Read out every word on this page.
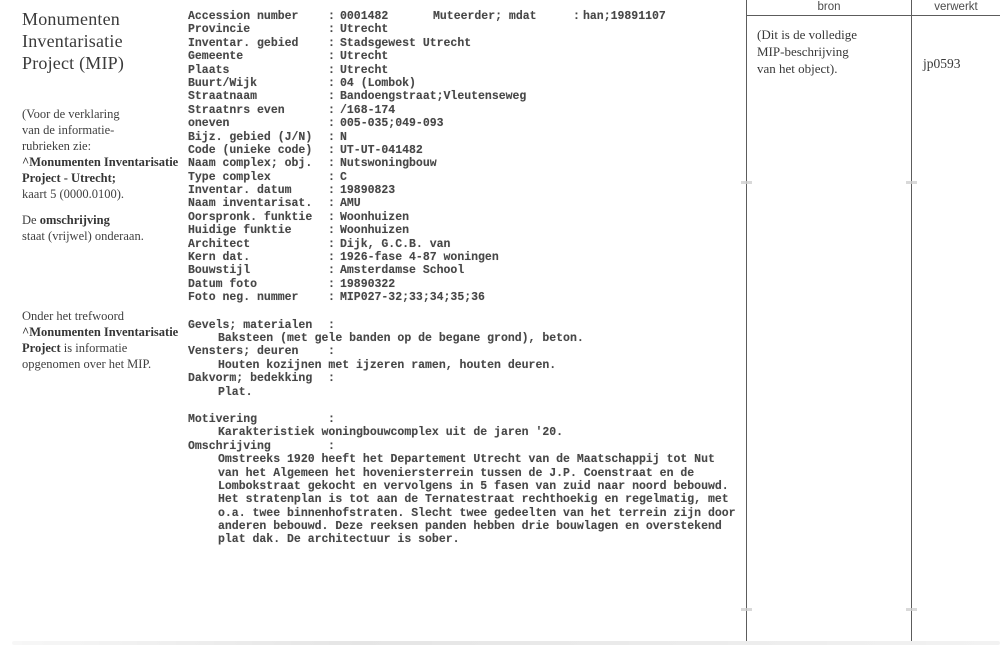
Monumenten
Inventarisatie
Project (MIP)
(Voor de verklaring
van de informatie-
rubrieken zie:
^Monumenten Inventarisatie
Project - Utrecht;
kaart 5 (0000.0100).
De omschrijving
staat (vrijwel) onderaan.
Onder het trefwoord
^Monumenten Inventarisatie
Project is informatie
opgenomen over het MIP.
Accession number	: 0001482	Muteerder; mdat	: han;19891107
Provincie	: Utrecht
Inventar. gebied	: Stadsgewest Utrecht
Gemeente	: Utrecht
Plaats	: Utrecht
Buurt/Wijk	: 04 (Lombok)
Straatnaam	: Bandoengstraat;Vleutenseweg
Straatnrs even	: /168-174
oneven	: 005-035;049-093
Bijz. gebied (J/N)	: N
Code (unieke code)	: UT-UT-041482
Naam complex; obj.	: Nutswoningbouw
Type complex	: C
Inventar. datum	: 19890823
Naam inventarisat.	: AMU
Oorspronk. funktie	: Woonhuizen
Huidige funktie	: Woonhuizen
Architect	: Dijk, G.C.B. van
Kern dat.	: 1926-fase 4-87 woningen
Bouwstijl	: Amsterdamse School
Datum foto	: 19890322
Foto neg. nummer	: MIP027-32;33;34;35;36
Gevels; materialen	:
Baksteen (met gele banden op de begane grond), beton.
Vensters; deuren	:
Houten kozijnen met ijzeren ramen, houten deuren.
Dakvorm; bedekking	:
Plat.
Motivering	:
Karakteristiek woningbouwcomplex uit de jaren '20.
Omschrijving	:
Omstreeks 1920 heeft het Departement Utrecht van de Maatschappij tot Nut
van het Algemeen het hoveniersterrein tussen de J.P. Coenstraat en de
Lombokstraat gekocht en vervolgens in 5 fasen van zuid naar noord bebouwd.
Het stratenplan is tot aan de Ternatestraat rechthoekig en regelmatig, met
o.a. twee binnenhofstraten. Slecht twee gedeelten van het terrein zijn door
anderen bebouwd. Deze reeksen panden hebben drie bouwlagen en overstekend
plat dak. De architectuur is sober.
bron	verwerkt
(Dit is de volledige
MIP-beschrijving
van het object).	jp0593
